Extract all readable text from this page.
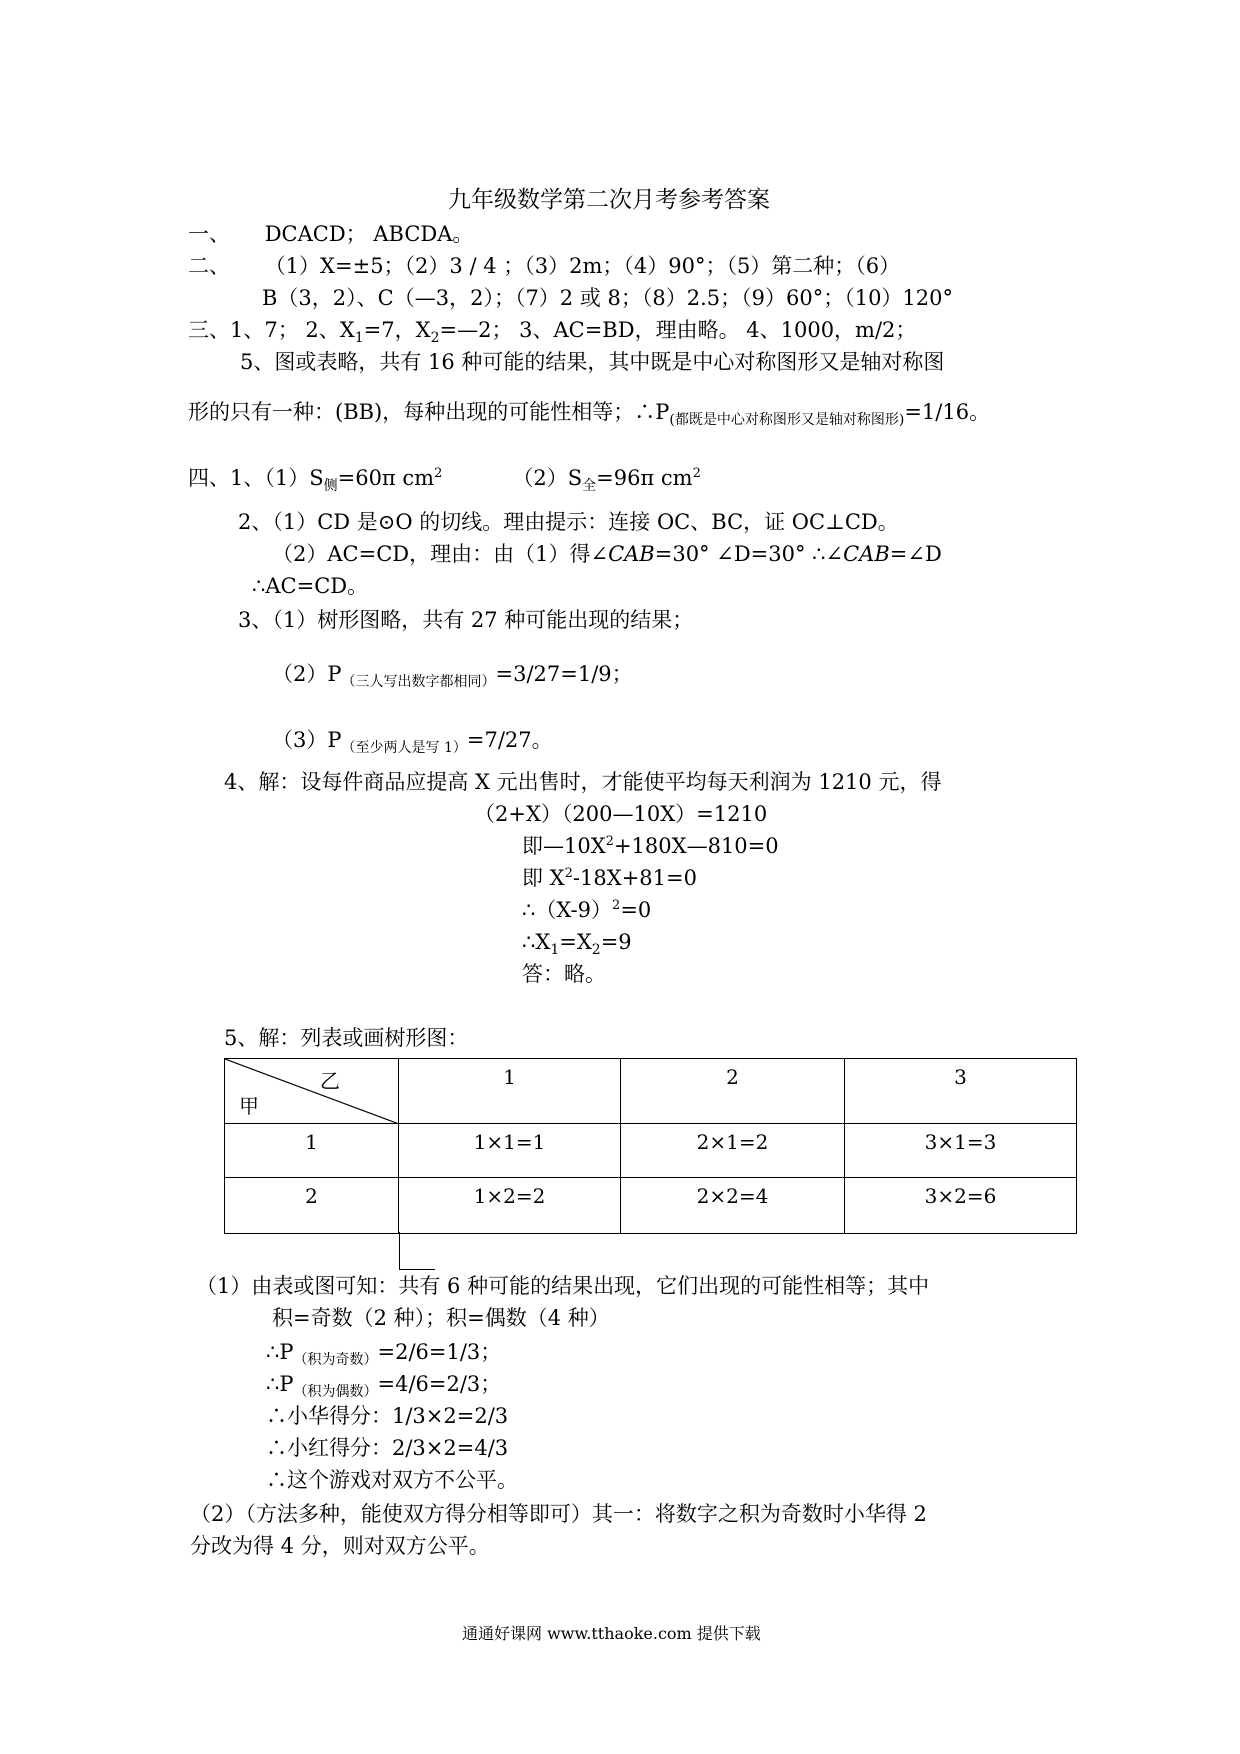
九年级数学第二次月考参考答案
一、 DCACD； ABCDA。
二、 （1）X=±5；（2）3 / 4 ；（3）2m；（4）90°；（5）第二种；（6）
B（3，2）、C（—3，2）；（7）2 或 8；（8）2.5；（9）60°；（10）120°
三、1、7； 2、$X_1=7$，$X_2=—2$； 3、AC=BD，理由略。 4、1000，m/2；
5、图或表略，共有 16 种可能的结果，其中既是中心对称图形又是轴对称图
形的只有一种：(BB)，每种出现的可能性相等；$\therefore P_{(都既是中心对称图形又是轴对称图形)}=1/16$。
四、1、$(1)S_侧=60\pi$ $cm^2$	$(2)S_全=96\pi$ $cm^2$
2、（1）CD 是⊙O 的切线。理由提示：连接 OC、BC，证 OC⊥CD。
（2）AC=CD，理由：由（1）得∠CAB=30° ∠D=30° ∴∠CAB=∠D
∴AC=CD。
3、（1）树形图略，共有 27 种可能出现的结果；
$(2)P_{(三人写出数字都相同)}=3/27=1/9$；
$(3)P_{(至少两人是写 1)}=7/27$。
4、解：设每件商品应提高 X 元出售时，才能使平均每天利润为 1210 元，得
（2+X）（200—10X）=1210
即$—10X^2+180X—810=0$
即 $X^2-18X+81=0$
$\therefore(X-9)^2=0$
$\therefore X_1=X_2=9$
答：略。
5、解：列表或画树形图：
乙
甲	1	2	3
1	1×1=1	2×1=2	3×1=3
2	1×2=2	2×2=4	3×2=6
（1）由表或图可知：共有 6 种可能的结果出现，它们出现的可能性相等；其中
积=奇数（2 种）；积=偶数（4 种）
$\therefore P_{(积为奇数)}=2/6=1/3$；
$\therefore P_{(积为偶数)}=4/6=2/3$；
∴小华得分：1/3×2=2/3
∴小红得分：2/3×2=4/3
∴这个游戏对双方不公平。
（2）（方法多种，能使双方得分相等即可）其一：将数字之积为奇数时小华得 2
分改为得 4 分，则对双方公平。
通通好课网 www.tthaoke.com 提供下载
